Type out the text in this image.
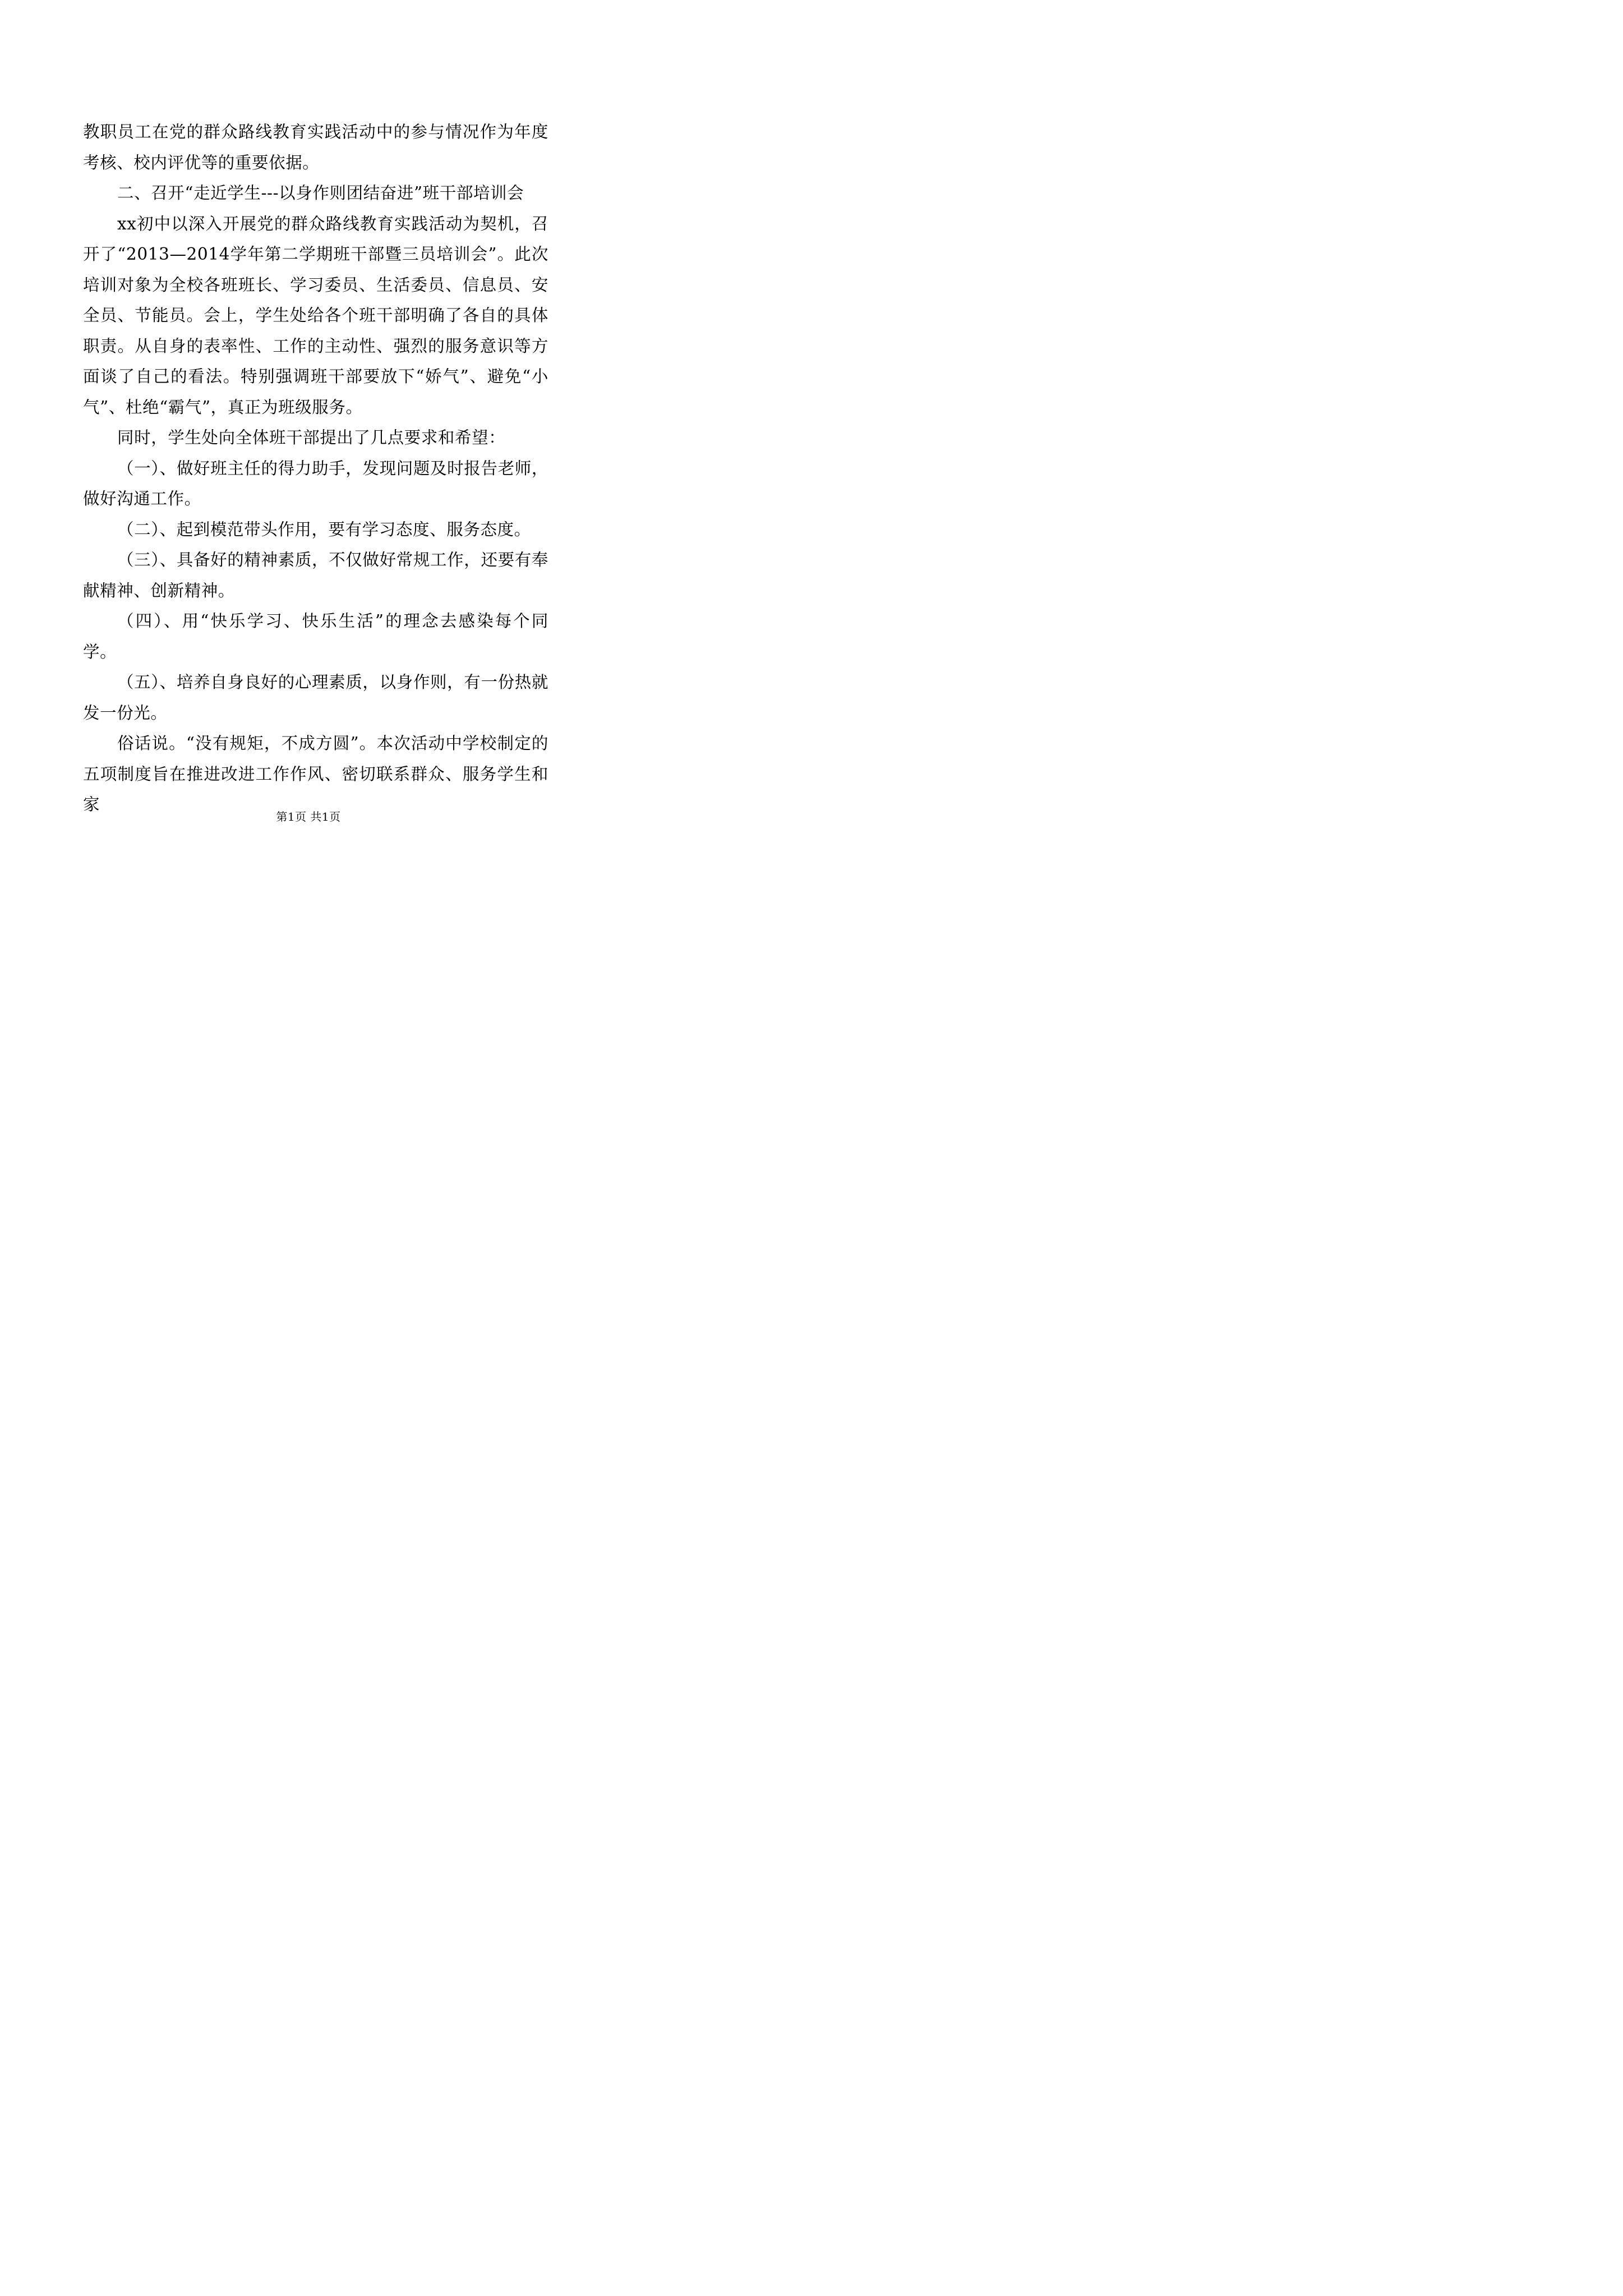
教职员工在党的群众路线教育实践活动中的参与情况作为年度考核、校内评优等的重要依据。

二、召开“走近学生---以身作则团结奋进”班干部培训会

xx初中以深入开展党的群众路线教育实践活动为契机，召开了“2013—2014学年第二学期班干部暨三员培训会”。此次培训对象为全校各班班长、学习委员、生活委员、信息员、安全员、节能员。会上，学生处给各个班干部明确了各自的具体职责。从自身的表率性、工作的主动性、强烈的服务意识等方面谈了自己的看法。特别强调班干部要放下“娇气”、避免“小气”、杜绝“霸气”，真正为班级服务。

同时，学生处向全体班干部提出了几点要求和希望：

（一）、做好班主任的得力助手，发现问题及时报告老师，做好沟通工作。

（二）、起到模范带头作用，要有学习态度、服务态度。

（三）、具备好的精神素质，不仅做好常规工作，还要有奉献精神、创新精神。

（四）、用“快乐学习、快乐生活”的理念去感染每个同学。

（五）、培养自身良好的心理素质，以身作则，有一份热就发一份光。

俗话说。“没有规矩，不成方圆”。本次活动中学校制定的五项制度旨在推进改进工作作风、密切联系群众、服务学生和家

第1页 共1页
